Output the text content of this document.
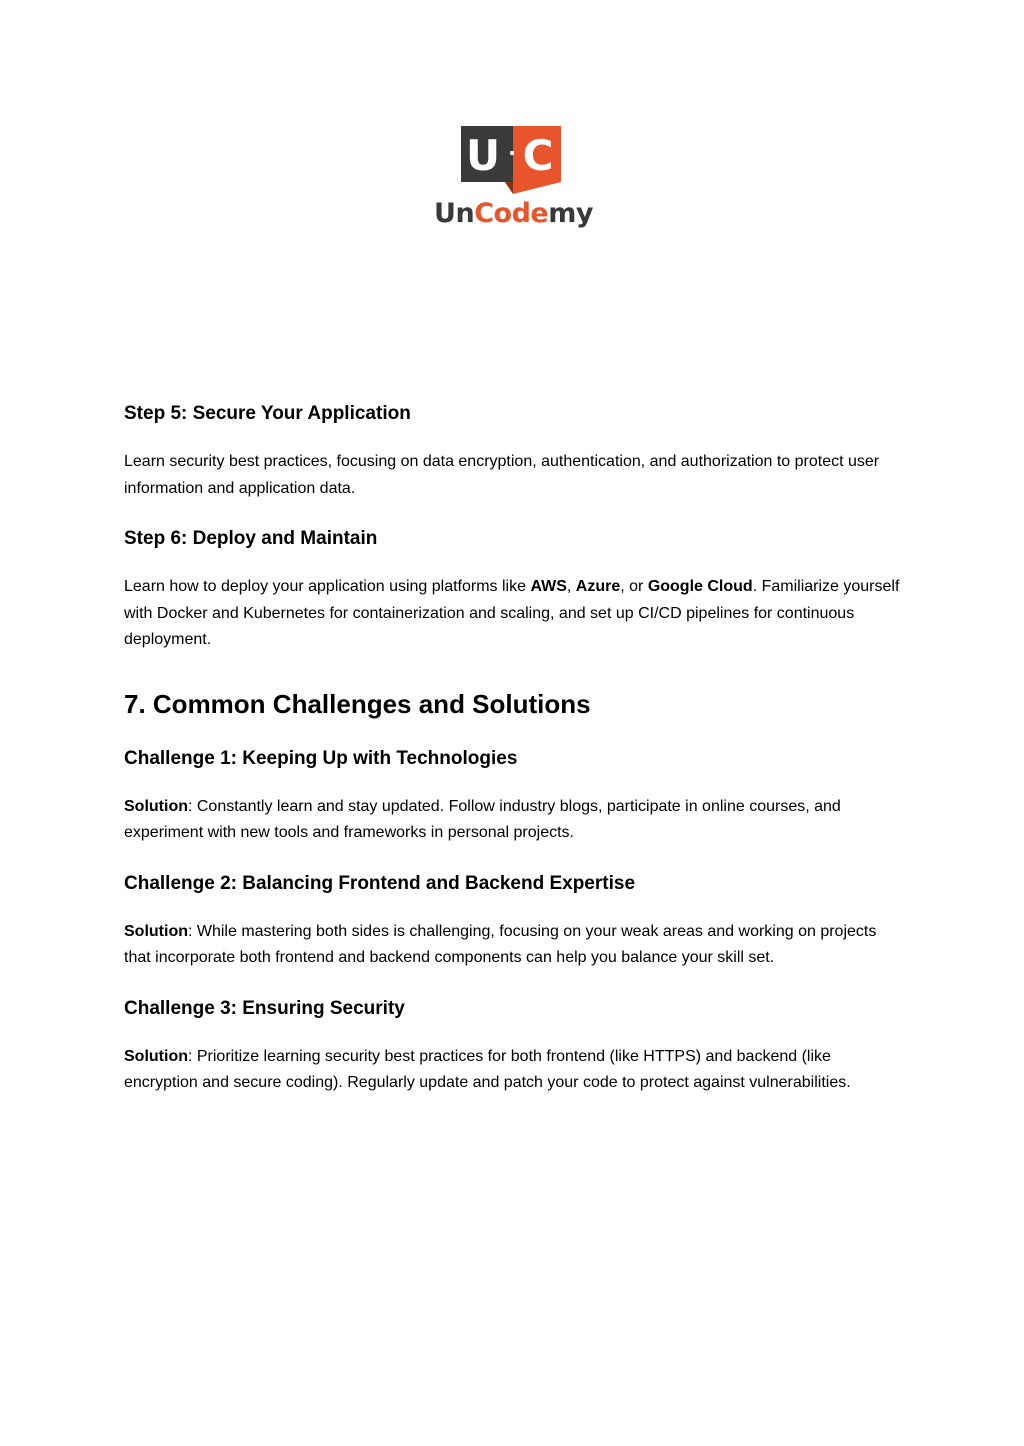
U · C
UnCodemy
Step 5: Secure Your Application

Learn security best practices, focusing on data encryption, authentication, and authorization to protect user information and application data.

Step 6: Deploy and Maintain

Learn how to deploy your application using platforms like AWS, Azure, or Google Cloud. Familiarize yourself with Docker and Kubernetes for containerization and scaling, and set up CI/CD pipelines for continuous deployment.

7. Common Challenges and Solutions
Challenge 1: Keeping Up with Technologies

Solution: Constantly learn and stay updated. Follow industry blogs, participate in online courses, and experiment with new tools and frameworks in personal projects.

Challenge 2: Balancing Frontend and Backend Expertise

Solution: While mastering both sides is challenging, focusing on your weak areas and working on projects that incorporate both frontend and backend components can help you balance your skill set.

Challenge 3: Ensuring Security

Solution: Prioritize learning security best practices for both frontend (like HTTPS) and backend (like encryption and secure coding). Regularly update and patch your code to protect against vulnerabilities.
